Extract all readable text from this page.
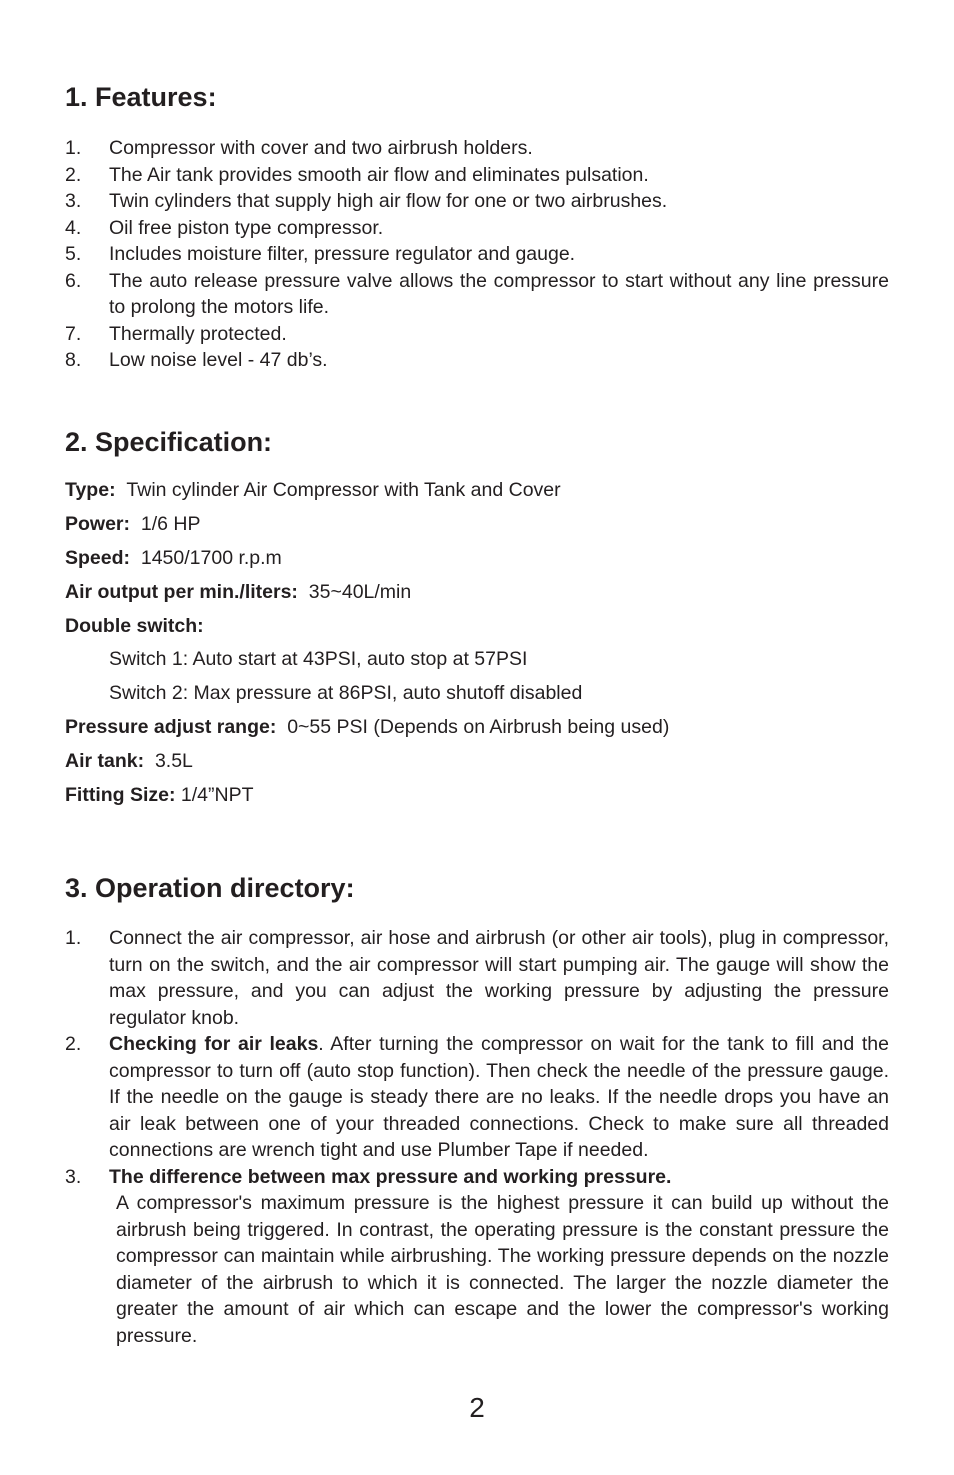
1. Features:
1. Compressor with cover and two airbrush holders.
2. The Air tank provides smooth air flow and eliminates pulsation.
3. Twin cylinders that supply high air flow for one or two airbrushes.
4. Oil free piston type compressor.
5. Includes moisture filter, pressure regulator and gauge.
6. The auto release pressure valve allows the compressor to start without any line pressure to prolong the motors life.
7. Thermally protected.
8. Low noise level - 47 db’s.
2. Specification:
Type: Twin cylinder Air Compressor with Tank and Cover
Power: 1/6 HP
Speed: 1450/1700 r.p.m
Air output per min./liters: 35~40L/min
Double switch:
Switch 1: Auto start at 43PSI, auto stop at 57PSI
Switch 2: Max pressure at 86PSI, auto shutoff disabled
Pressure adjust range: 0~55 PSI (Depends on Airbrush being used)
Air tank: 3.5L
Fitting Size: 1/4”NPT
3. Operation directory:
1. Connect the air compressor, air hose and airbrush (or other air tools), plug in compressor, turn on the switch, and the air compressor will start pumping air. The gauge will show the max pressure, and you can adjust the working pressure by adjusting the pressure regulator knob.
2. Checking for air leaks. After turning the compressor on wait for the tank to fill and the compressor to turn off (auto stop function). Then check the needle of the pressure gauge. If the needle on the gauge is steady there are no leaks. If the needle drops you have an air leak between one of your threaded connections. Check to make sure all threaded connections are wrench tight and use Plumber Tape if needed.
3. The difference between max pressure and working pressure.
A compressor's maximum pressure is the highest pressure it can build up without the airbrush being triggered. In contrast, the operating pressure is the constant pressure the compressor can maintain while airbrushing. The working pressure depends on the nozzle diameter of the airbrush to which it is connected. The larger the nozzle diameter the greater the amount of air which can escape and the lower the compressor's working pressure.
2
